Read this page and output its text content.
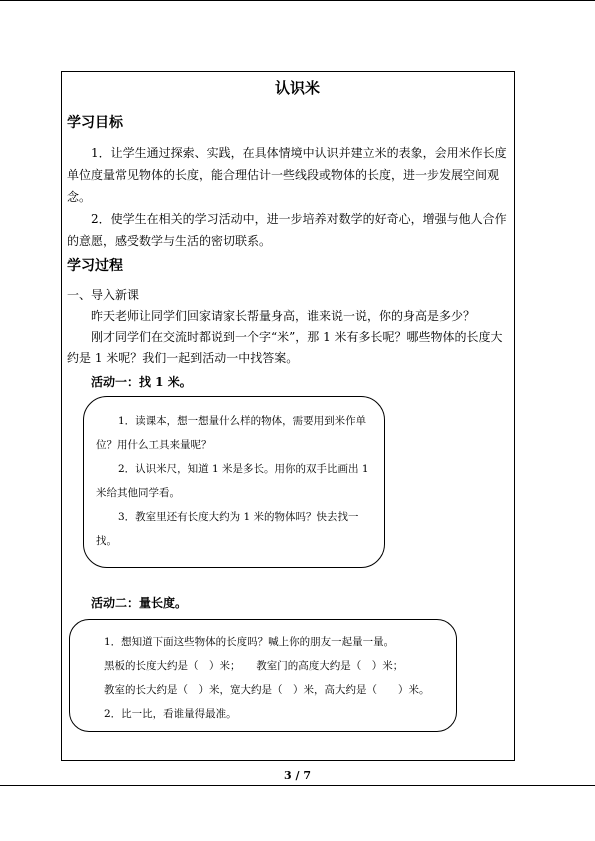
认识米
学习目标
1．让学生通过探索、实践，在具体情境中认识并建立米的表象，会用米作长度
单位度量常见物体的长度，能合理估计一些线段或物体的长度，进一步发展空间观
念。
2．使学生在相关的学习活动中，进一步培养对数学的好奇心，增强与他人合作
的意愿，感受数学与生活的密切联系。
学习过程
一、导入新课
昨天老师让同学们回家请家长帮量身高，谁来说一说，你的身高是多少？
刚才同学们在交流时都说到一个字“米”，那 1 米有多长呢？哪些物体的长度大
约是 1 米呢？我们一起到活动一中找答案。
活动一：找 1 米。
1．读课本，想一想量什么样的物体，需要用到米作单
位？用什么工具来量呢？
2．认识米尺，知道 1 米是多长。用你的双手比画出 1
米给其他同学看。
3．教室里还有长度大约为 1 米的物体吗？快去找一
找。
活动二：量长度。
1．想知道下面这些物体的长度吗？喊上你的朋友一起量一量。
黑板的长度大约是（　）米；　　教室门的高度大约是（　）米；
教室的长大约是（　）米，宽大约是（　）米，高大约是（　　）米。
2．比一比，看谁量得最准。
3 / 7
